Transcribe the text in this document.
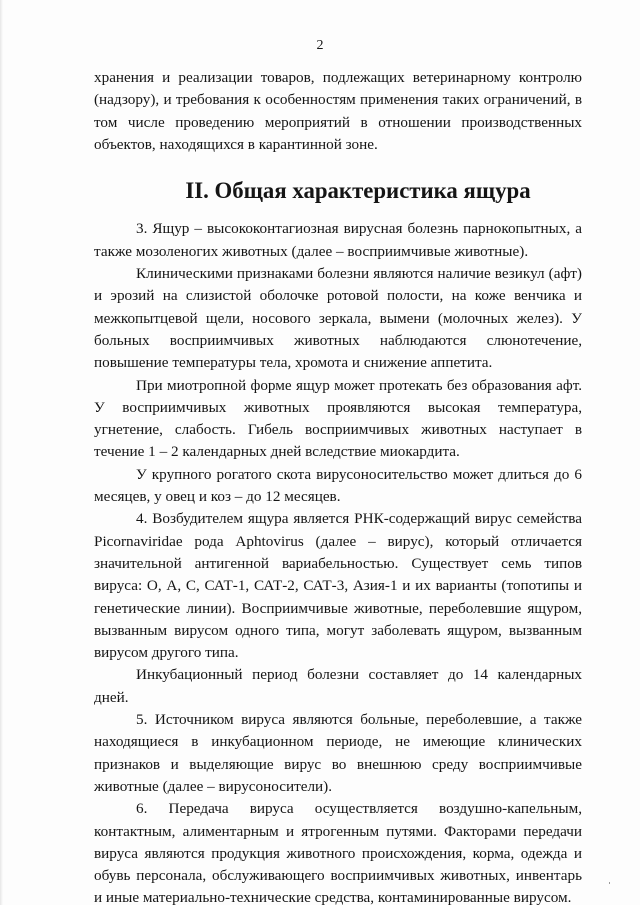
2

хранения и реализации товаров, подлежащих ветеринарному контролю (надзору), и требования к особенностям применения таких ограничений, в том числе проведению мероприятий в отношении производственных объектов, находящихся в карантинной зоне.

II. Общая характеристика ящура

3. Ящур – высококонтагиозная вирусная болезнь парнокопытных, а также мозоленогих животных (далее – восприимчивые животные).

Клиническими признаками болезни являются наличие везикул (афт) и эрозий на слизистой оболочке ротовой полости, на коже венчика и межкопытцевой щели, носового зеркала, вымени (молочных желез). У больных восприимчивых животных наблюдаются слюнотечение, повышение температуры тела, хромота и снижение аппетита.

При миотропной форме ящур может протекать без образования афт. У восприимчивых животных проявляются высокая температура, угнетение, слабость. Гибель восприимчивых животных наступает в течение 1 – 2 календарных дней вследствие миокардита.

У крупного рогатого скота вирусоносительство может длиться до 6 месяцев, у овец и коз – до 12 месяцев.

4. Возбудителем ящура является РНК-содержащий вирус семейства Picornaviridae рода Aphtovirus (далее – вирус), который отличается значительной антигенной вариабельностью. Существует семь типов вируса: О, А, С, САТ-1, САТ-2, САТ-3, Азия-1 и их варианты (топотипы и генетические линии). Восприимчивые животные, переболевшие ящуром, вызванным вирусом одного типа, могут заболевать ящуром, вызванным вирусом другого типа.

Инкубационный период болезни составляет до 14 календарных дней.

5. Источником вируса являются больные, переболевшие, а также находящиеся в инкубационном периоде, не имеющие клинических признаков и выделяющие вирус во внешнюю среду восприимчивые животные (далее – вирусоносители).

6. Передача вируса осуществляется воздушно-капельным, контактным, алиментарным и ятрогенным путями. Факторами передачи вируса являются продукция животного происхождения, корма, одежда и обувь персонала, обслуживающего восприимчивых животных, инвентарь и иные материально-технические средства, контаминированные вирусом.
